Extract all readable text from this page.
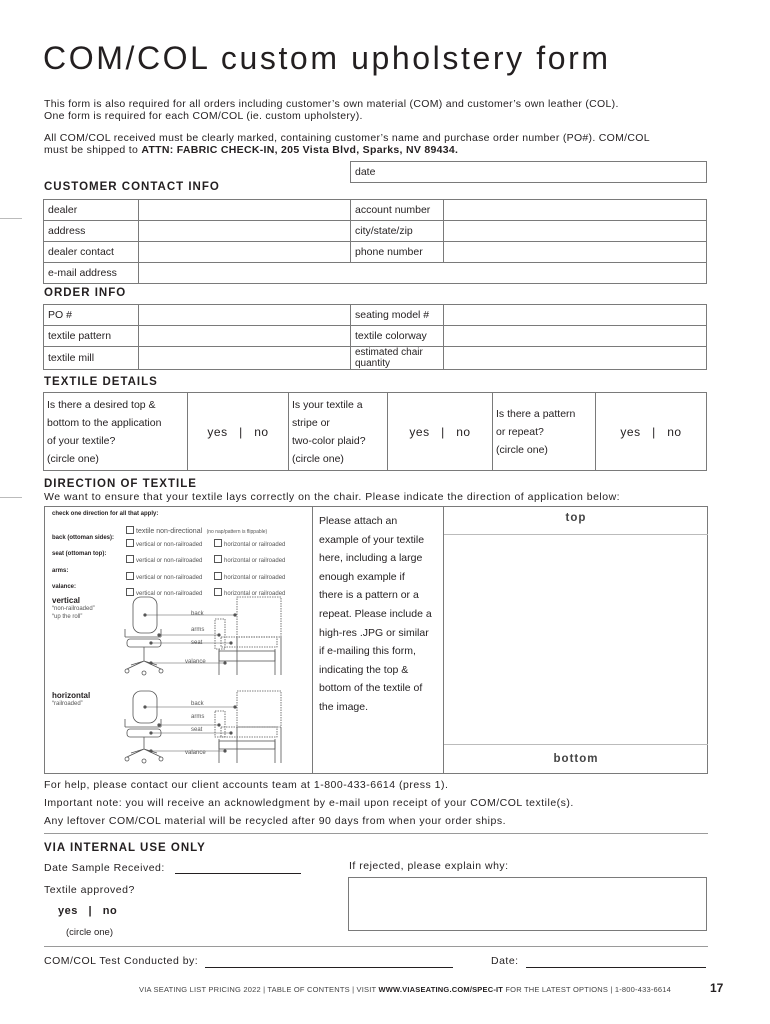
COM/COL custom upholstery form
This form is also required for all orders including customer’s own material (COM) and customer’s own leather (COL).
One form is required for each COM/COL (ie. custom upholstery).
All COM/COL received must be clearly marked, containing customer’s name and purchase order number (PO#). COM/COL
must be shipped to ATTN: FABRIC CHECK-IN, 205 Vista Blvd, Sparks, NV 89434.
date
CUSTOMER CONTACT INFO
dealer		account number	
address		city/state/zip	
dealer contact		phone number	
e-mail address			
ORDER INFO
PO #		seating model #	
textile pattern		textile colorway	
textile mill		estimated chair quantity	
TEXTILE DETAILS
Is there a desired top &
bottom to the application
of your textile?
(circle one)
	yes | no	
Is your textile a
stripe or
two-color plaid?
(circle one)
	yes | no	
Is there a pattern
or repeat?
(circle one)
	yes | no
DIRECTION OF TEXTILE
We want to ensure that your textile lays correctly on the chair. Please indicate the direction of application below:
check one direction for all that apply:
textile non-directional (no nap/pattern is flippable)
back (ottoman sides):
seat (ottoman top):
arms:
valance:
vertical or non-railroaded	horizontal or railroaded
vertical or non-railroaded	horizontal or railroaded
vertical or non-railroaded	horizontal or railroaded
vertical or non-railroaded	horizontal or railroaded
vertical
“non-railroaded”
“up the roll”	back
arms
seat
valance
horizontal
“railroaded”	back
arms
seat
valance
Please attach an
example of your textile
here, including a large
enough example if
there is a pattern or a
repeat. Please include a
high-res .JPG or similar
if e-mailing this form,
indicating the top &
bottom of the textile of
the image.
top
bottom
For help, please contact our client accounts team at 1-800-433-6614 (press 1).
Important note: you will receive an acknowledgment by e-mail upon receipt of your COM/COL textile(s).
Any leftover COM/COL material will be recycled after 90 days from when your order ships.
VIA INTERNAL USE ONLY
Date Sample Received:	If rejected, please explain why:
Textile approved?
yes | no
(circle one)
COM/COL Test Conducted by:	Date:
VIA SEATING LIST PRICING 2022 | TABLE OF CONTENTS | VISIT WWW.VIASEATING.COM/SPEC-IT FOR THE LATEST OPTIONS | 1-800-433-6614	17
